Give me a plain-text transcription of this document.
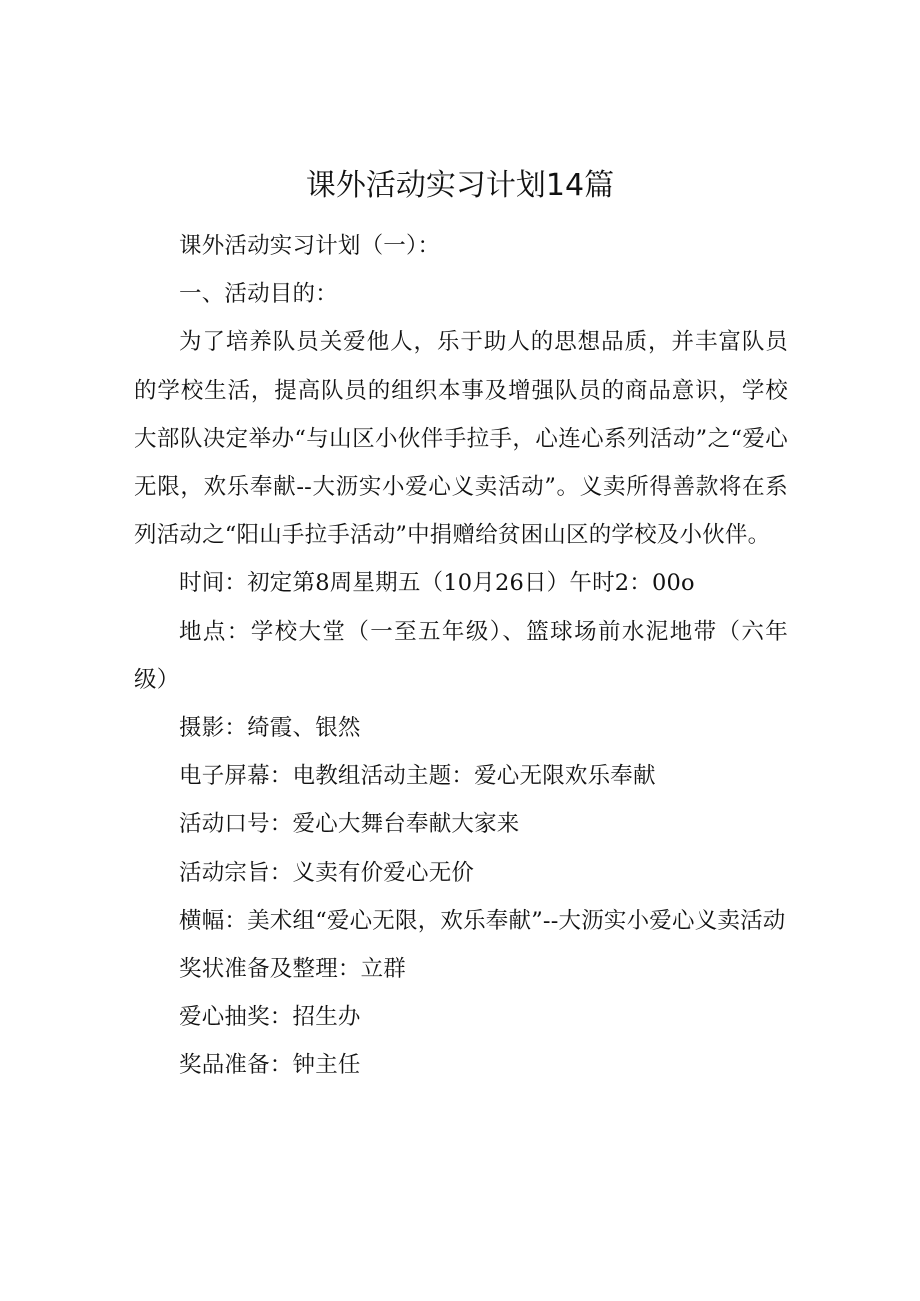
课外活动实习计划14篇

课外活动实习计划（一）：

一、活动目的：

为了培养队员关爱他人，乐于助人的思想品质，并丰富队员的学校生活，提高队员的组织本事及增强队员的商品意识，学校大部队决定举办“与山区小伙伴手拉手，心连心系列活动”之“爱心无限，欢乐奉献--大沥实小爱心义卖活动”。义卖所得善款将在系列活动之“阳山手拉手活动”中捐赠给贫困山区的学校及小伙伴。

时间：初定第8周星期五（10月26日）午时2：00o

地点：学校大堂（一至五年级）、篮球场前水泥地带（六年级）

摄影：绮霞、银然

电子屏幕：电教组活动主题：爱心无限欢乐奉献

活动口号：爱心大舞台奉献大家来

活动宗旨：义卖有价爱心无价

横幅：美术组“爱心无限，欢乐奉献”--大沥实小爱心义卖活动

奖状准备及整理：立群

爱心抽奖：招生办

奖品准备：钟主任
